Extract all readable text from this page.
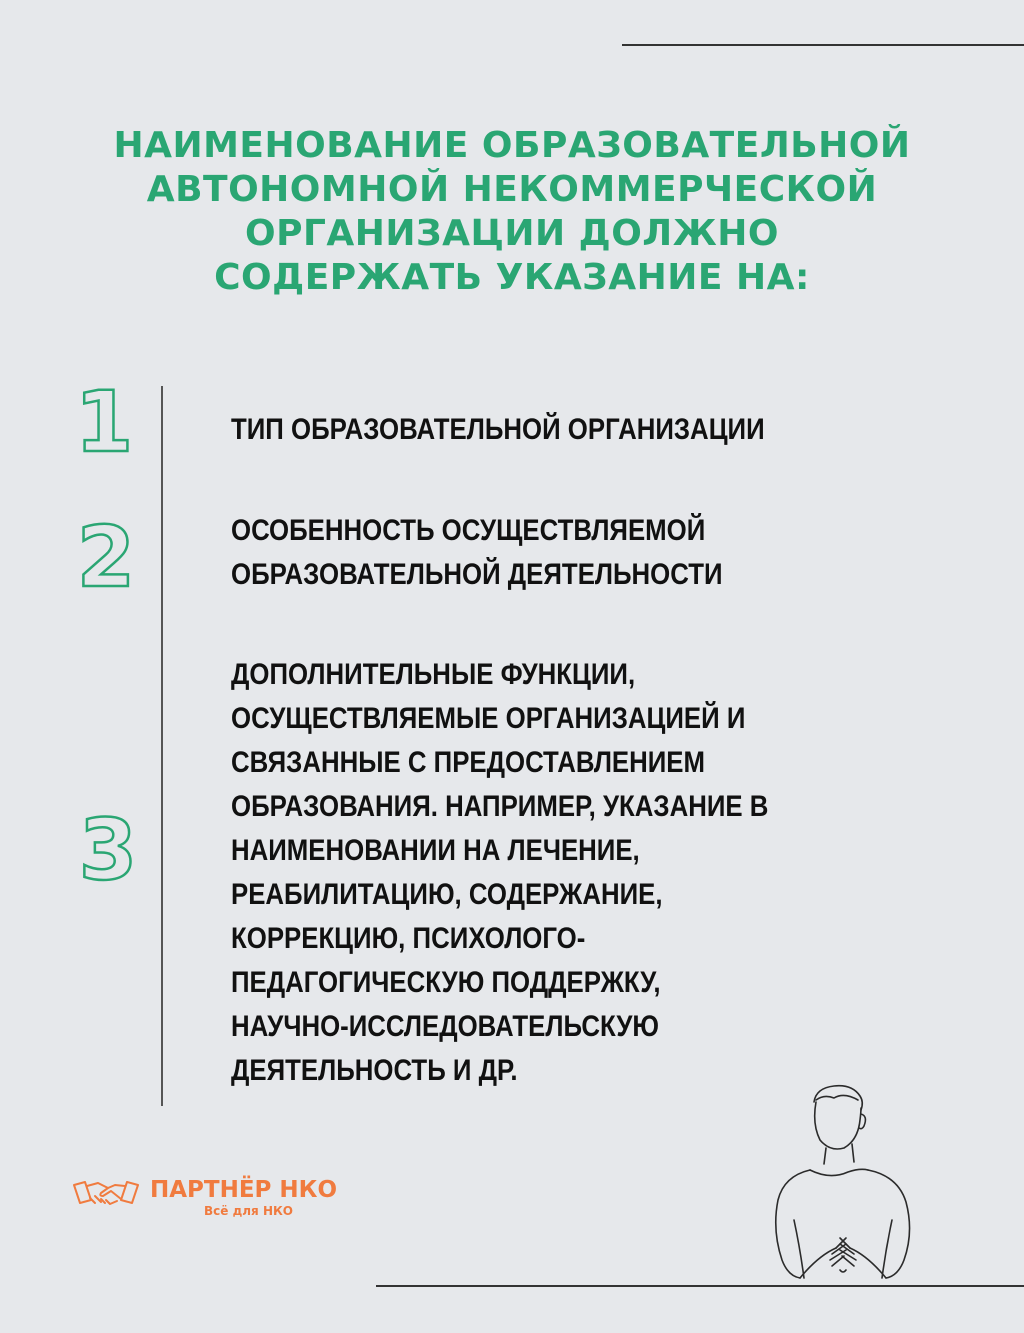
НАИМЕНОВАНИЕ ОБРАЗОВАТЕЛЬНОЙ
АВТОНОМНОЙ НЕКОММЕРЧЕСКОЙ
ОРГАНИЗАЦИИ ДОЛЖНО
СОДЕРЖАТЬ УКАЗАНИЕ НА:
1
2
3

ТИП ОБРАЗОВАТЕЛЬНОЙ ОРГАНИЗАЦИИ

ОСОБЕННОСТЬ ОСУЩЕСТВЛЯЕМОЙ
ОБРАЗОВАТЕЛЬНОЙ ДЕЯТЕЛЬНОСТИ

ДОПОЛНИТЕЛЬНЫЕ ФУНКЦИИ,
ОСУЩЕСТВЛЯЕМЫЕ ОРГАНИЗАЦИЕЙ И
СВЯЗАННЫЕ С ПРЕДОСТАВЛЕНИЕМ
ОБРАЗОВАНИЯ. НАПРИМЕР, УКАЗАНИЕ В
НАИМЕНОВАНИИ НА ЛЕЧЕНИЕ,
РЕАБИЛИТАЦИЮ, СОДЕРЖАНИЕ,
КОРРЕКЦИЮ, ПСИХОЛОГО-
ПЕДАГОГИЧЕСКУЮ ПОДДЕРЖКУ,
НАУЧНО-ИССЛЕДОВАТЕЛЬСКУЮ
ДЕЯТЕЛЬНОСТЬ И ДР.

ПАРТНЁР НКО
Всё для НКО
